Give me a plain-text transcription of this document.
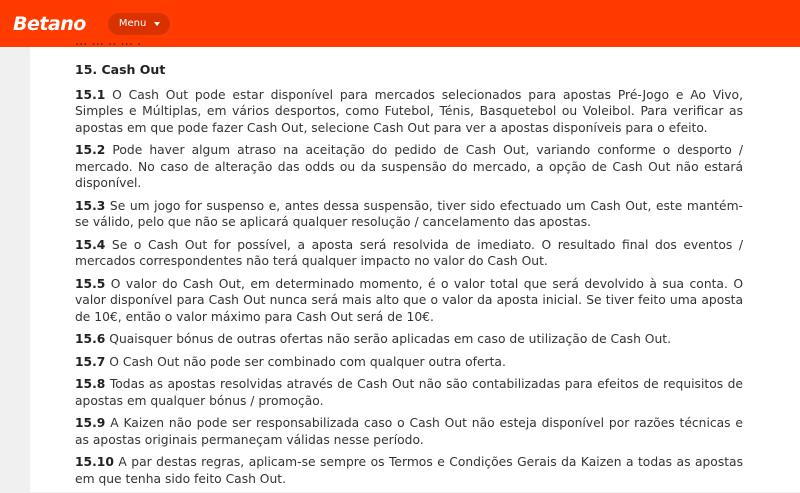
Betano	Menu
··· ··· ·· ··· ·
15. Cash Out

15.1 O Cash Out pode estar disponível para mercados selecionados para apostas Pré-Jogo e Ao Vivo, Simples e Múltiplas, em vários desportos, como Futebol, Ténis, Basquetebol ou Voleibol. Para verificar as apostas em que pode fazer Cash Out, selecione Cash Out para ver a apostas disponíveis para o efeito.

15.2 Pode haver algum atraso na aceitação do pedido de Cash Out, variando conforme o desporto / mercado. No caso de alteração das odds ou da suspensão do mercado, a opção de Cash Out não estará disponível.

15.3 Se um jogo for suspenso e, antes dessa suspensão, tiver sido efectuado um Cash Out, este mantém-se válido, pelo que não se aplicará qualquer resolução / cancelamento das apostas.

15.4 Se o Cash Out for possível, a aposta será resolvida de imediato. O resultado final dos eventos / mercados correspondentes não terá qualquer impacto no valor do Cash Out.

15.5 O valor do Cash Out, em determinado momento, é o valor total que será devolvido à sua conta. O valor disponível para Cash Out nunca será mais alto que o valor da aposta inicial. Se tiver feito uma aposta de 10€, então o valor máximo para Cash Out será de 10€.

15.6 Quaisquer bónus de outras ofertas não serão aplicadas em caso de utilização de Cash Out.

15.7 O Cash Out não pode ser combinado com qualquer outra oferta.

15.8 Todas as apostas resolvidas através de Cash Out não são contabilizadas para efeitos de requisitos de apostas em qualquer bónus / promoção.

15.9 A Kaizen não pode ser responsabilizada caso o Cash Out não esteja disponível por razões técnicas e as apostas originais permaneçam válidas nesse período.

15.10 A par destas regras, aplicam-se sempre os Termos e Condições Gerais da Kaizen a todas as apostas em que tenha sido feito Cash Out.
